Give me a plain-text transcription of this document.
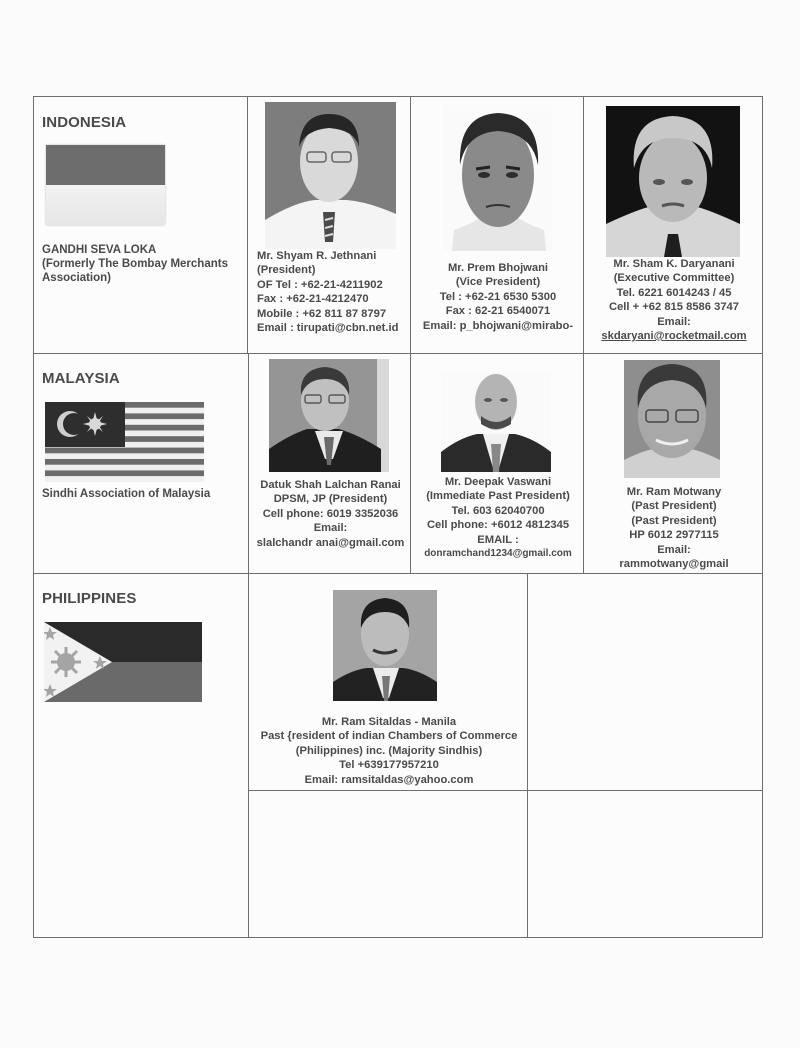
INDONESIA
GANDHI SEVA LOKA
(Formerly The Bombay Merchants
Association)
Mr. Shyam R. Jethnani
(President)
OF Tel : +62-21-4211902
Fax : +62-21-4212470
Mobile : +62 811 87 8797
Email : tirupati@cbn.net.id
Mr. Prem Bhojwani
(Vice President)
Tel : +62-21 6530 5300
Fax : 62-21 6540071
Email: p_bhojwani@mirabo-
Mr. Sham K. Daryanani
(Executive Committee)
Tel. 6221 6014243 / 45
Cell + +62 815 8586 3747
Email:
skdaryani@rocketmail.com
MALAYSIA
Sindhi Association of Malaysia
Datuk Shah Lalchan Ranai
DPSM, JP (President)
Cell phone: 6019 3352036
Email:
slalchandr anai@gmail.com
Mr. Deepak Vaswani
(Immediate Past President)
Tel. 603 62040700
Cell phone: +6012 4812345
EMAIL :
donramchand1234@gmail.com
Mr. Ram Motwany
(Past President)
(Past President)
HP 6012 2977115
Email:
rammotwany@gmail
PHILIPPINES
Mr. Ram Sitaldas - Manila
Past {resident of indian Chambers of Commerce
(Philippines) inc. (Majority Sindhis)
Tel +639177957210
Email: ramsitaldas@yahoo.com
